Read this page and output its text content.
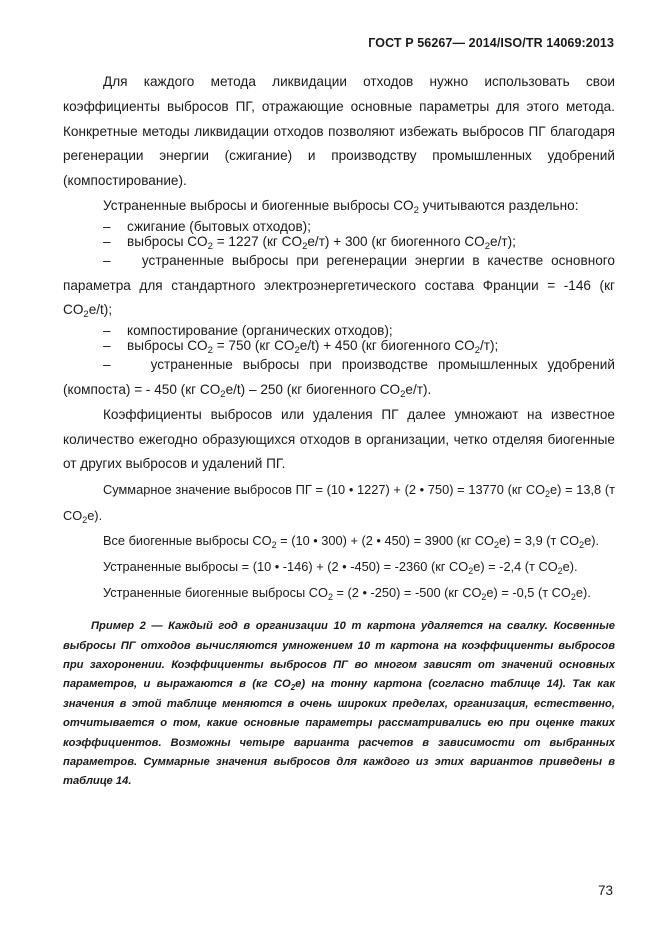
ГОСТ Р 56267— 2014/ISO/TR 14069:2013

Для каждого метода ликвидации отходов нужно использовать свои коэффициенты выбросов ПГ, отражающие основные параметры для этого метода. Конкретные методы ликвидации отходов позволяют избежать выбросов ПГ благодаря регенерации энергии (сжигание) и производству промышленных удобрений (компостирование).

Устраненные выбросы и биогенные выбросы $CO_2$ учитываются раздельно:

–	сжигание (бытовых отходов);
–	выбросы $CO_2 = 1227$ (кг $CO_2e/т) + 300$ (кг биогенного $CO_2e/т$);

– устраненные выбросы при регенерации энергии в качестве основного параметра для стандартного электроэнергетического состава Франции = -146 (кг $CO_2e/t$);

–	компостирование (органических отходов);
–	выбросы $CO_2 = 750$ (кг $CO_2e/t) + 450$ (кг биогенного $CO_2/т$);

–	устраненные выбросы при производстве промышленных удобрений (компоста) = - 450 (кг $CO_2e/t) - 250$ (кг биогенного $CO_2e/т$).

Коэффициенты выбросов или удаления ПГ далее умножают на известное количество ежегодно образующихся отходов в организации, четко отделяя биогенные от других выбросов и удалений ПГ.

Суммарное значение выбросов ПГ = (10 • 1227) + (2 • 750) = 13770 (кг $CO_2e) = 13,8$ (т $CO_2e$).

Все биогенные выбросы $CO_2 = (10$ • 300) + (2 • 450) = 3900 (кг $CO_2e) = 3,9$ (т $CO_2e$).

Устраненные выбросы = (10 • -146) + (2 • -450) = -2360 (кг $CO_2e) = -2,4$ (т $CO_2e$).

Устраненные биогенные выбросы $CO_2 = (2$ • -250) = -500 (кг $CO_2e) = -0,5$ (т $CO_2e$).

Пример 2 — Каждый год в организации 10 т картона удаляется на свалку. Косвенные выбросы ПГ отходов вычисляются умножением 10 т картона на коэффициенты выбросов при захоронении. Коэффициенты выбросов ПГ во многом зависят от значений основных параметров, и выражаются в (кг $CO_2e$) на тонну картона (согласно таблице 14). Так как значения в этой таблице меняются в очень широких пределах, организация, естественно, отчитывается о том, какие основные параметры рассматривались ею при оценке таких коэффициентов. Возможны четыре варианта расчетов в зависимости от выбранных параметров. Суммарные значения выбросов для каждого из этих вариантов приведены в таблице 14.

73
